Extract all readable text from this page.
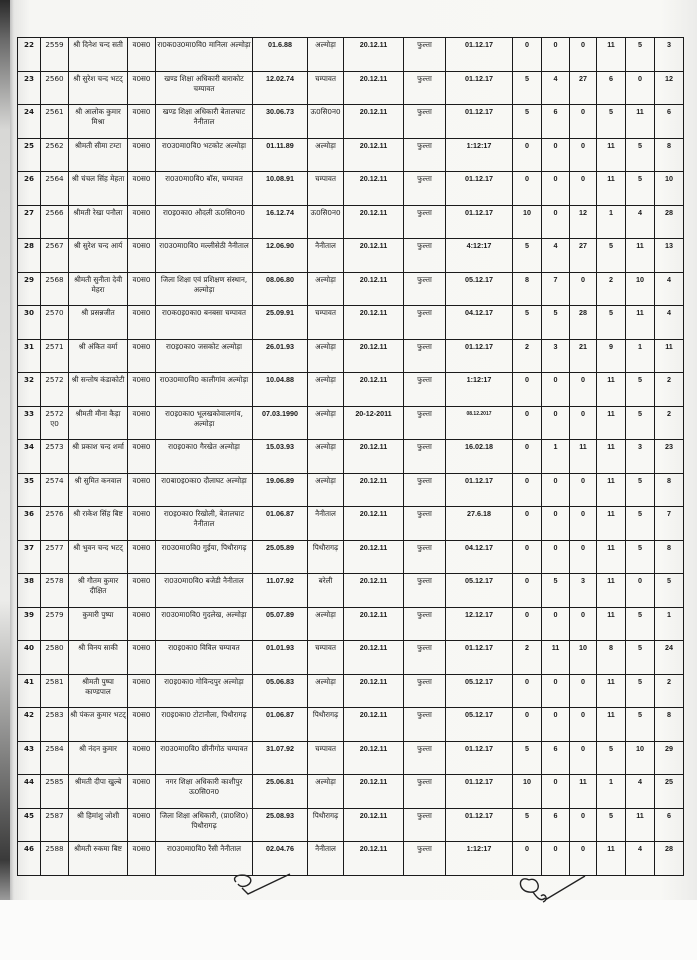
22	2559	श्री दिनेश चन्द सती	व0स0	रा0क0उ0मा0वि0 मानिला अल्मोड़ा	01.6.88	अल्मोड़ा	20.12.11	फुल्ता	01.12.17	0	0	0	11	5	3
23	2560	श्री सुरेश चन्द भटट्	व0स0	खण्ड शिक्षा अधिकारी बाराकोट चम्पावत	12.02.74	चम्पावत	20.12.11	फुल्ता	01.12.17	5	4	27	6	0	12
24	2561	श्री आलोक कुमार मिश्रा	व0स0	खण्ड शिक्षा अधिकारी बेतालघाट नैनीताल	30.06.73	ऊ0सि0न0	20.12.11	फुल्ता	01.12.17	5	6	0	5	11	6
25	2562	श्रीमती सीमा टम्टा	व0स0	रा0उ0मा0वि0 भटकोट अल्मोड़ा	01.11.89	अल्मोड़ा	20.12.11	फुल्ता	1:12:17	0	0	0	11	5	8
26	2564	श्री चंचल सिंह मेहता	व0स0	रा0उ0मा0वि0 बॉस, चम्पावत	10.08.91	चम्पावत	20.12.11	फुल्ता	01.12.17	0	0	0	11	5	10
27	2566	श्रीमती रेखा पनौला	व0स0	रा0इ0का0 औदली ऊ0सि0न0	16.12.74	ऊ0सि0न0	20.12.11	फुल्ता	01.12.17	10	0	12	1	4	28
28	2567	श्री सुरेश चन्द आर्य	व0स0	रा0उ0मा0वि0 मल्लीसेठी नैनीताल	12.06.90	नैनीताल	20.12.11	फुल्ता	4:12:17	5	4	27	5	11	13
29	2568	श्रीमती सुनीता देवी मेहरा	व0स0	जिला शिक्षा एवं प्रशिक्षण संस्थान, अल्मोड़ा	08.06.80	अल्मोड़ा	20.12.11	फुल्ता	05.12.17	8	7	0	2	10	4
30	2570	श्री प्रसन्नजीत	व0स0	रा0क0इ0का0 बनबसा चम्पावत	25.09.91	चम्पावत	20.12.11	फुल्ता	04.12.17	5	5	28	5	11	4
31	2571	श्री अंकित वर्मा	व0स0	रा0इ0का0 जसकोट अल्मोड़ा	26.01.93	अल्मोड़ा	20.12.11	फुल्ता	01.12.17	2	3	21	9	1	11
32	2572	श्री सन्तोष कंडाकोटी	व0स0	रा0उ0मा0वि0 कालीगांव अल्मोड़ा	10.04.88	अल्मोड़ा	20.12.11	फुल्ता	1:12:17	0	0	0	11	5	2
33	2572 ए0	श्रीमती मीना कैड़ा	व0स0	रा0इ0का0 भूलखकोवालगांव, अल्मोड़ा	07.03.1990	अल्मोड़ा	20-12-2011	फुल्ता	08.12.2017	0	0	0	11	5	2
34	2573	श्री प्रकाश चन्द शर्मा	व0स0	रा0इ0का0 गैरखेत अल्मोड़ा	15.03.93	अल्मोड़ा	20.12.11	फुल्ता	16.02.18	0	1	11	11	3	23
35	2574	श्री सुमित कनवाल	व0स0	रा0बा0इ0का0 दौलाघट अल्मोड़ा	19.06.89	अल्मोड़ा	20.12.11	फुल्ता	01.12.17	0	0	0	11	5	8
36	2576	श्री राकेश सिंह बिष्ट	व0स0	रा0इ0का0 रिखोली, बेतालघाट नैनीताल	01.06.87	नैनीताल	20.12.11	फुल्ता	27.6.18	0	0	0	11	5	7
37	2577	श्री भुवन चन्द भटट्	व0स0	रा0उ0मा0वि0 गुईया, पिथौरागढ़	25.05.89	पिथौरागढ़	20.12.11	फुल्ता	04.12.17	0	0	0	11	5	8
38	2578	श्री गौतम कुमार दीक्षित	व0स0	रा0उ0मा0वि0 बजेडी नैनीताल	11.07.92	बरेली	20.12.11	फुल्ता	05.12.17	0	5	3	11	0	5
39	2579	कुमारी पुष्पा	व0स0	रा0उ0मा0वि0 गुदलेख, अल्मोड़ा	05.07.89	अल्मोड़ा	20.12.11	फुल्ता	12.12.17	0	0	0	11	5	1
40	2580	श्री विनय साकी	व0स0	रा0इ0का0 विविल चम्पावत	01.01.93	चम्पावत	20.12.11	फुल्ता	01.12.17	2	11	10	8	5	24
41	2581	श्रीमती पुष्पा काण्डपाल	व0स0	रा0इ0का0 गोविन्दपुर अल्मोड़ा	05.06.83	अल्मोड़ा	20.12.11	फुल्ता	05.12.17	0	0	0	11	5	2
42	2583	श्री पंकज कुमार भटट्	व0स0	रा0इ0का0 टोटानौला, पिथौरागढ़	01.06.87	पिथौरागढ़	20.12.11	फुल्ता	05.12.17	0	0	0	11	5	8
43	2584	श्री नंदन कुमार	व0स0	रा0उ0मा0वि0 छीनीगोठ चम्पावत	31.07.92	चम्पावत	20.12.11	फुल्ता	01.12.17	5	6	0	5	10	29
44	2585	श्रीमती दीपा खुल्बे	व0स0	नगर शिक्षा अधिकारी काशीपुर ऊ0सि0न0	25.06.81	अल्मोड़ा	20.12.11	फुल्ता	01.12.17	10	0	11	1	4	25
45	2587	श्री हिमांशु जोशी	व0स0	जिला शिक्षा अधिकारी, (प्रा0शि0) पिथौरागढ़	25.08.93	पिथौरागढ़	20.12.11	फुल्ता	01.12.17	5	6	0	5	11	6
46	2588	श्रीमती रुकमा बिष्ट	व0स0	रा0उ0मा0वि0 रैंसी नैनीताल	02.04.76	नैनीताल	20.12.11	फुल्ता	1:12:17	0	0	0	11	4	28
